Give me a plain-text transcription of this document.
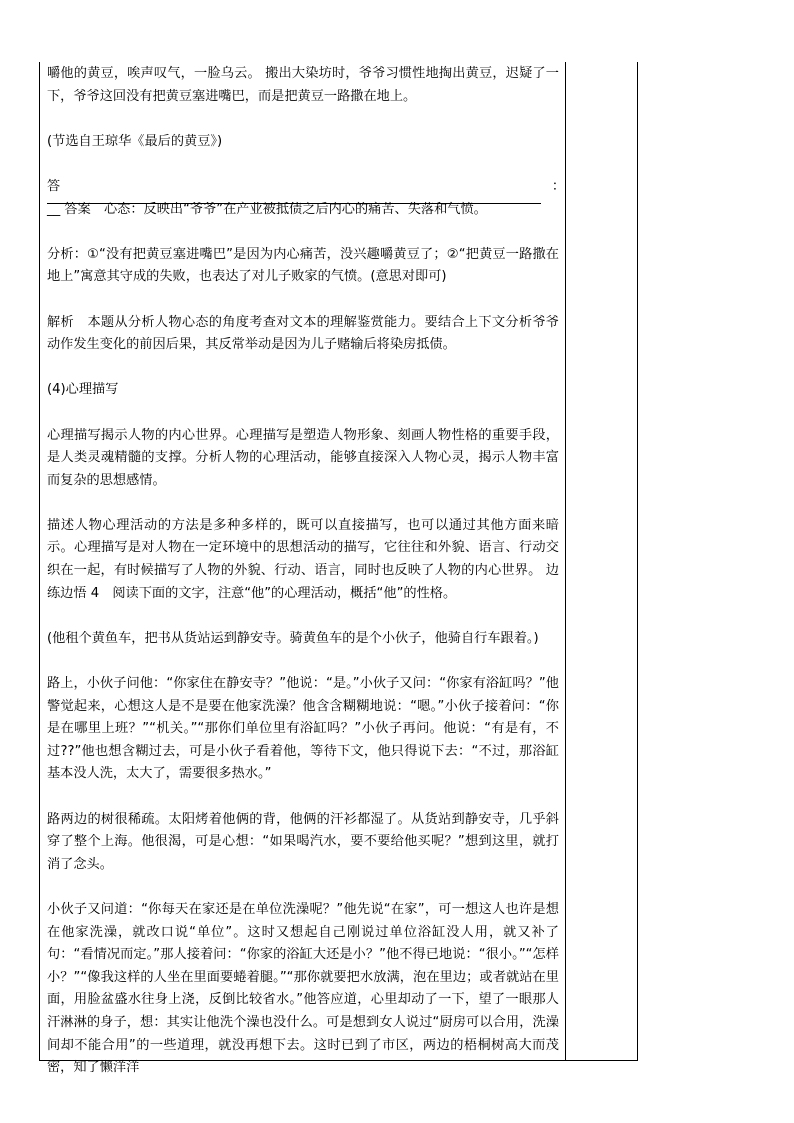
嚼他的黄豆，唉声叹气，一脸乌云。 搬出大染坊时，爷爷习惯性地掏出黄豆，迟疑了一下，爷爷这回没有把黄豆塞进嘴巴，而是把黄豆一路撒在地上。

(节选自王琼华《最后的黄豆》)

答	：

__ 答案　心态：反映出“爷爷”在产业被抵债之后内心的痛苦、失落和气愤。

分析：①“没有把黄豆塞进嘴巴”是因为内心痛苦，没兴趣嚼黄豆了；②“把黄豆一路撒在地上”寓意其守成的失败，也表达了对儿子败家的气愤。(意思对即可)

解析　本题从分析人物心态的角度考查对文本的理解鉴赏能力。要结合上下文分析爷爷动作发生变化的前因后果，其反常举动是因为儿子赌输后将染房抵债。

(4)心理描写

心理描写揭示人物的内心世界。心理描写是塑造人物形象、刻画人物性格的重要手段，是人类灵魂精髓的支撑。分析人物的心理活动，能够直接深入人物心灵，揭示人物丰富而复杂的思想感情。

描述人物心理活动的方法是多种多样的，既可以直接描写，也可以通过其他方面来暗示。心理描写是对人物在一定环境中的思想活动的描写，它往往和外貌、语言、行动交织在一起，有时候描写了人物的外貌、行动、语言，同时也反映了人物的内心世界。 边练边悟 4　阅读下面的文字，注意“他”的心理活动，概括“他”的性格。

(他租个黄鱼车，把书从货站运到静安寺。骑黄鱼车的是个小伙子，他骑自行车跟着。)

路上，小伙子问他：“你家住在静安寺？”他说：“是。”小伙子又问：“你家有浴缸吗？”他警觉起来，心想这人是不是要在他家洗澡？他含含糊糊地说：“嗯。”小伙子接着问：“你是在哪里上班？”“机关。”“那你们单位里有浴缸吗？”小伙子再问。他说：“有是有，不过??”他也想含糊过去，可是小伙子看着他，等待下文，他只得说下去：“不过，那浴缸基本没人洗，太大了，需要很多热水。”

路两边的树很稀疏。太阳烤着他俩的背，他俩的汗衫都湿了。从货站到静安寺，几乎斜穿了整个上海。他很渴，可是心想：“如果喝汽水，要不要给他买呢？”想到这里，就打消了念头。

小伙子又问道：“你每天在家还是在单位洗澡呢？”他先说“在家”，可一想这人也许是想在他家洗澡，就改口说“单位”。这时又想起自己刚说过单位浴缸没人用，就又补了句：“看情况而定。”那人接着问：“你家的浴缸大还是小？”他不得已地说：“很小。”“怎样小？”“像我这样的人坐在里面要蜷着腿。”“那你就要把水放满，泡在里边；或者就站在里面，用脸盆盛水往身上浇，反倒比较省水。”他答应道，心里却动了一下，望了一眼那人汗淋淋的身子，想：其实让他洗个澡也没什么。可是想到女人说过“厨房可以合用，洗澡间却不能合用”的一些道理，就没再想下去。这时已到了市区，两边的梧桐树高大而茂密，知了懒洋洋
